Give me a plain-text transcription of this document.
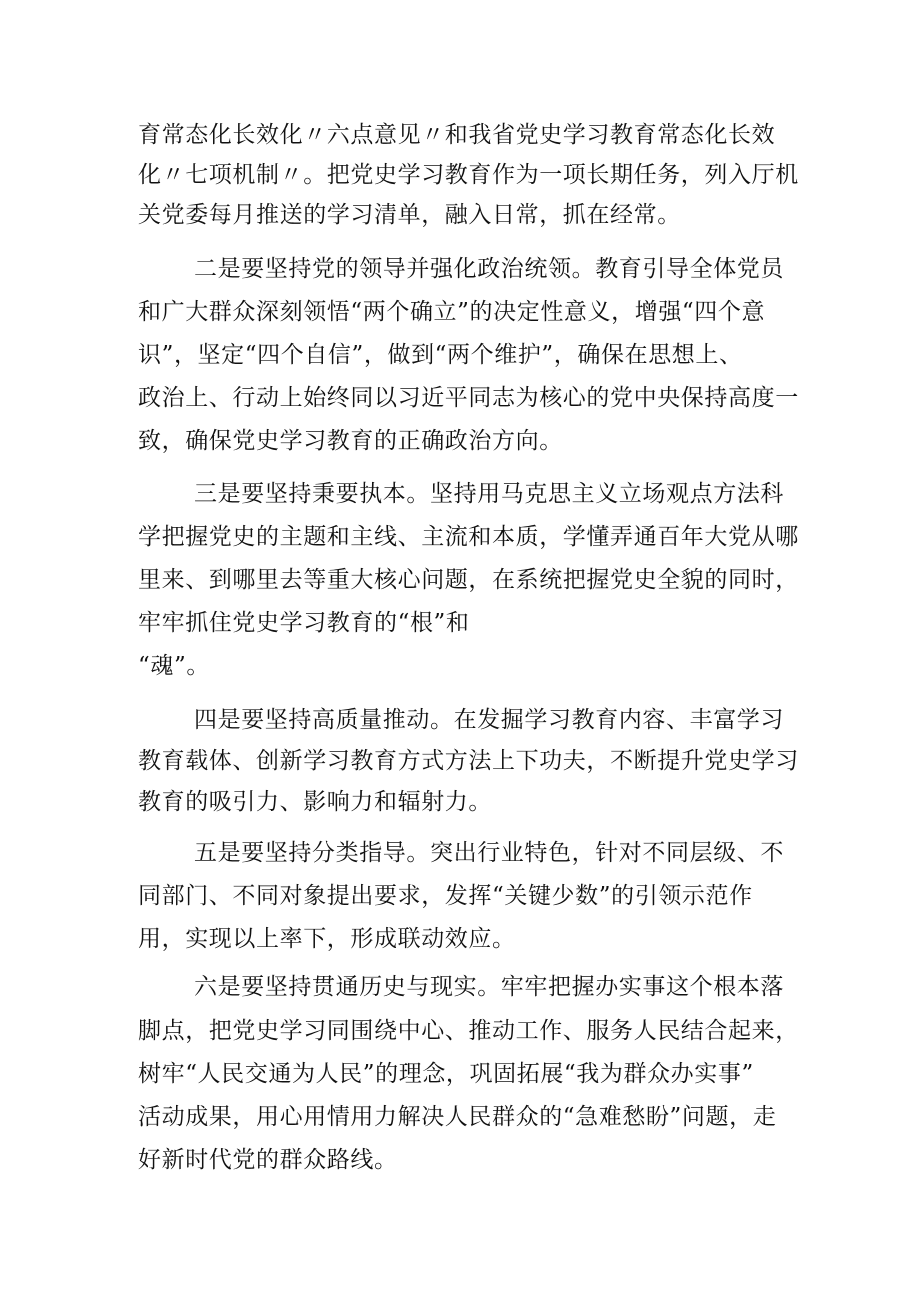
育常态化长效化〃六点意见〃和我省党史学习教育常态化长效
化〃七项机制〃。把党史学习教育作为一项长期任务，列入厅机
关党委每月推送的学习清单，融入日常，抓在经常。
二是要坚持党的领导并强化政治统领。教育引导全体党员
和广大群众深刻领悟“两个确立”的决定性意义，增强“四个意
识”，坚定“四个自信”，做到“两个维护”，确保在思想上、
政治上、行动上始终同以习近平同志为核心的党中央保持高度一
致，确保党史学习教育的正确政治方向。
三是要坚持秉要执本。坚持用马克思主义立场观点方法科
学把握党史的主题和主线、主流和本质，学懂弄通百年大党从哪
里来、到哪里去等重大核心问题，在系统把握党史全貌的同时，
牢牢抓住党史学习教育的“根”和
“魂”。
四是要坚持高质量推动。在发掘学习教育内容、丰富学习
教育载体、创新学习教育方式方法上下功夫，不断提升党史学习
教育的吸引力、影响力和辐射力。
五是要坚持分类指导。突出行业特色，针对不同层级、不
同部门、不同对象提出要求，发挥“关键少数”的引领示范作
用，实现以上率下，形成联动效应。
六是要坚持贯通历史与现实。牢牢把握办实事这个根本落
脚点，把党史学习同围绕中心、推动工作、服务人民结合起来，
树牢“人民交通为人民”的理念，巩固拓展“我为群众办实事”
活动成果，用心用情用力解决人民群众的“急难愁盼”问题，走
好新时代党的群众路线。
